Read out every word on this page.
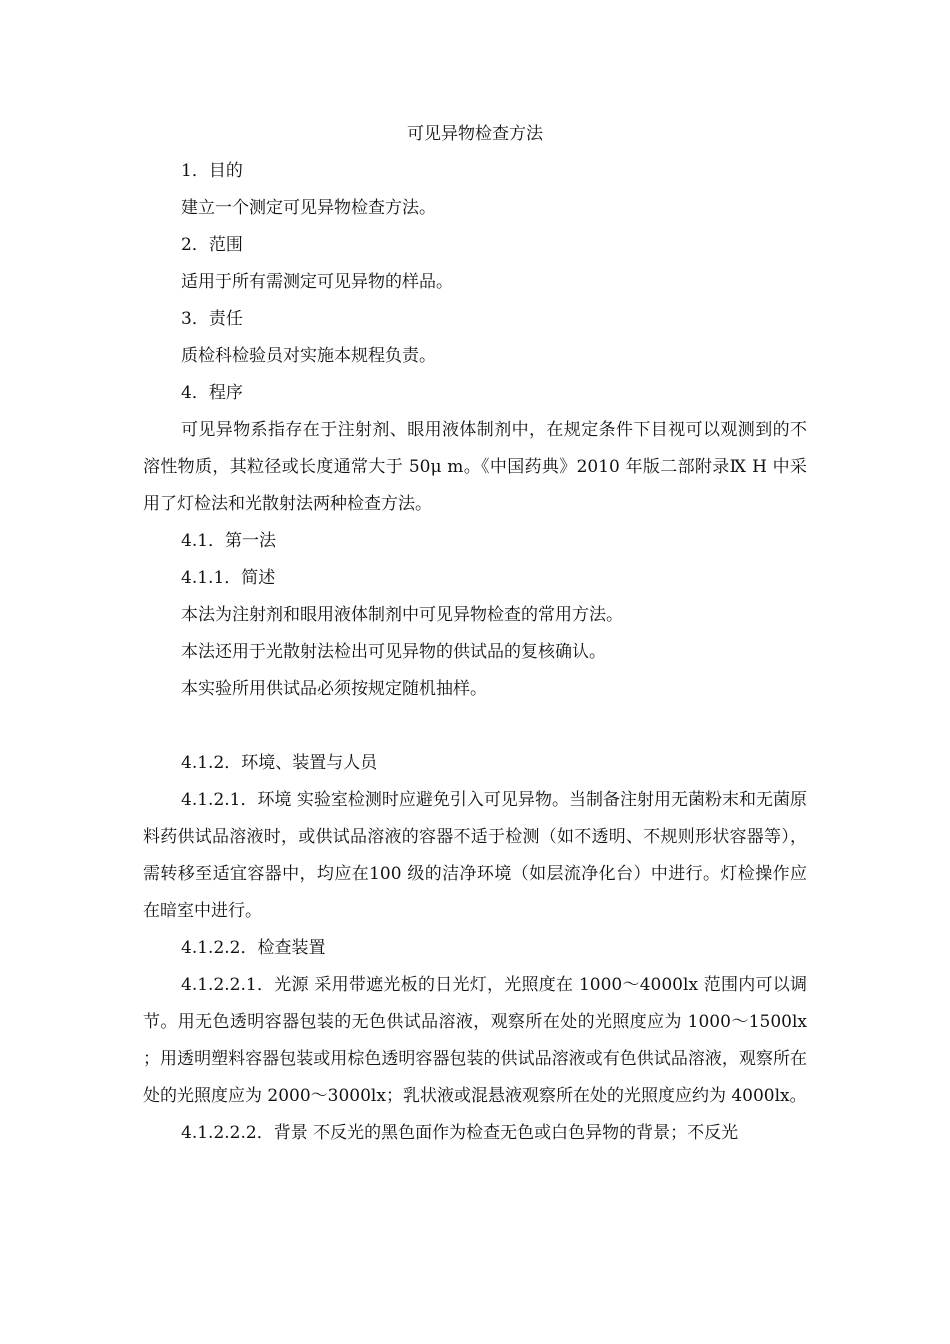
可见异物检查方法

1．目的

建立一个测定可见异物检查方法。

2．范围

适用于所有需测定可见异物的样品。

3．责任

质检科检验员对实施本规程负责。

4．程序

可见异物系指存在于注射剂、眼用液体制剂中，在规定条件下目视可以观测到的不溶性物质，其粒径或长度通常大于 50μ m。《中国药典》2010 年版二部附录Ⅸ H 中采用了灯检法和光散射法两种检查方法。

4.1．第一法

4.1.1．简述

本法为注射剂和眼用液体制剂中可见异物检查的常用方法。

本法还用于光散射法检出可见异物的供试品的复核确认。

本实验所用供试品必须按规定随机抽样。

4.1.2．环境、装置与人员

4.1.2.1．环境 实验室检测时应避免引入可见异物。当制备注射用无菌粉末和无菌原料药供试品溶液时，或供试品溶液的容器不适于检测（如不透明、不规则形状容器等），需转移至适宜容器中，均应在100 级的洁净环境（如层流净化台）中进行。灯检操作应在暗室中进行。

4.1.2.2．检查装置

4.1.2.2.1．光源 采用带遮光板的日光灯，光照度在 1000～4000lx 范围内可以调节。用无色透明容器包装的无色供试品溶液，观察所在处的光照度应为 1000～1500lx ；用透明塑料容器包装或用棕色透明容器包装的供试品溶液或有色供试品溶液，观察所在处的光照度应为 2000～3000lx；乳状液或混悬液观察所在处的光照度应约为 4000lx。

4.1.2.2.2．背景 不反光的黑色面作为检查无色或白色异物的背景；不反光
